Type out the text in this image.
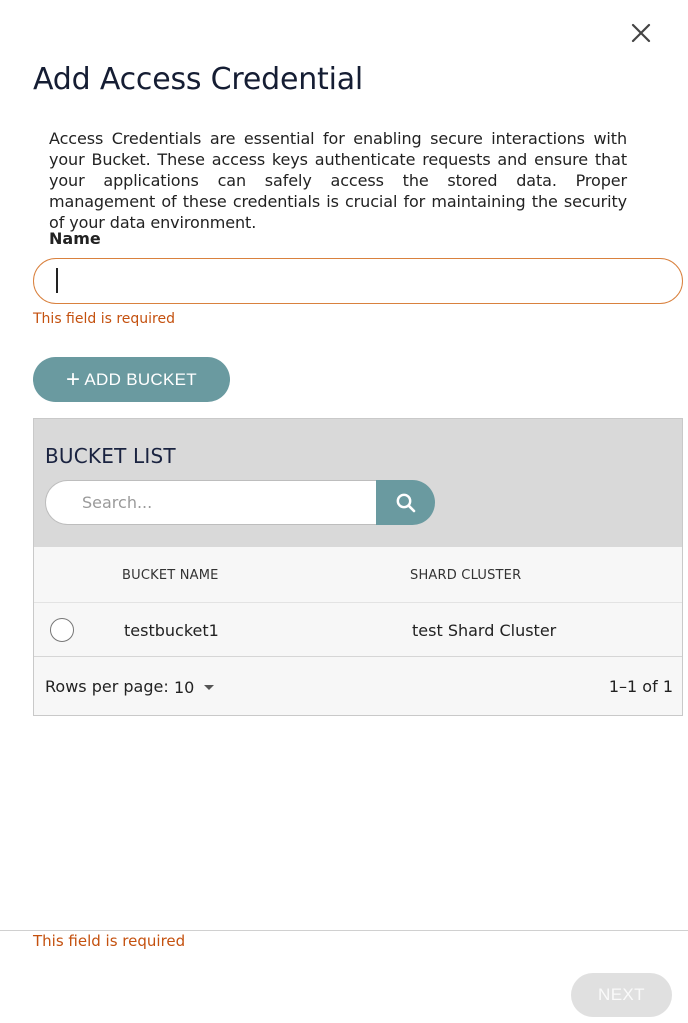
Add Access Credential

Access Credentials are essential for enabling secure interactions with your Bucket. These access keys authenticate requests and ensure that your applications can safely access the stored data. Proper management of these credentials is crucial for maintaining the security of your data environment.

Name
This field is required
+ ADD BUCKET
BUCKET LIST
Search...
BUCKET NAME	SHARD CLUSTER
testbucket1	test Shard Cluster
Rows per page: 10	1–1 of 1
This field is required
NEXT
